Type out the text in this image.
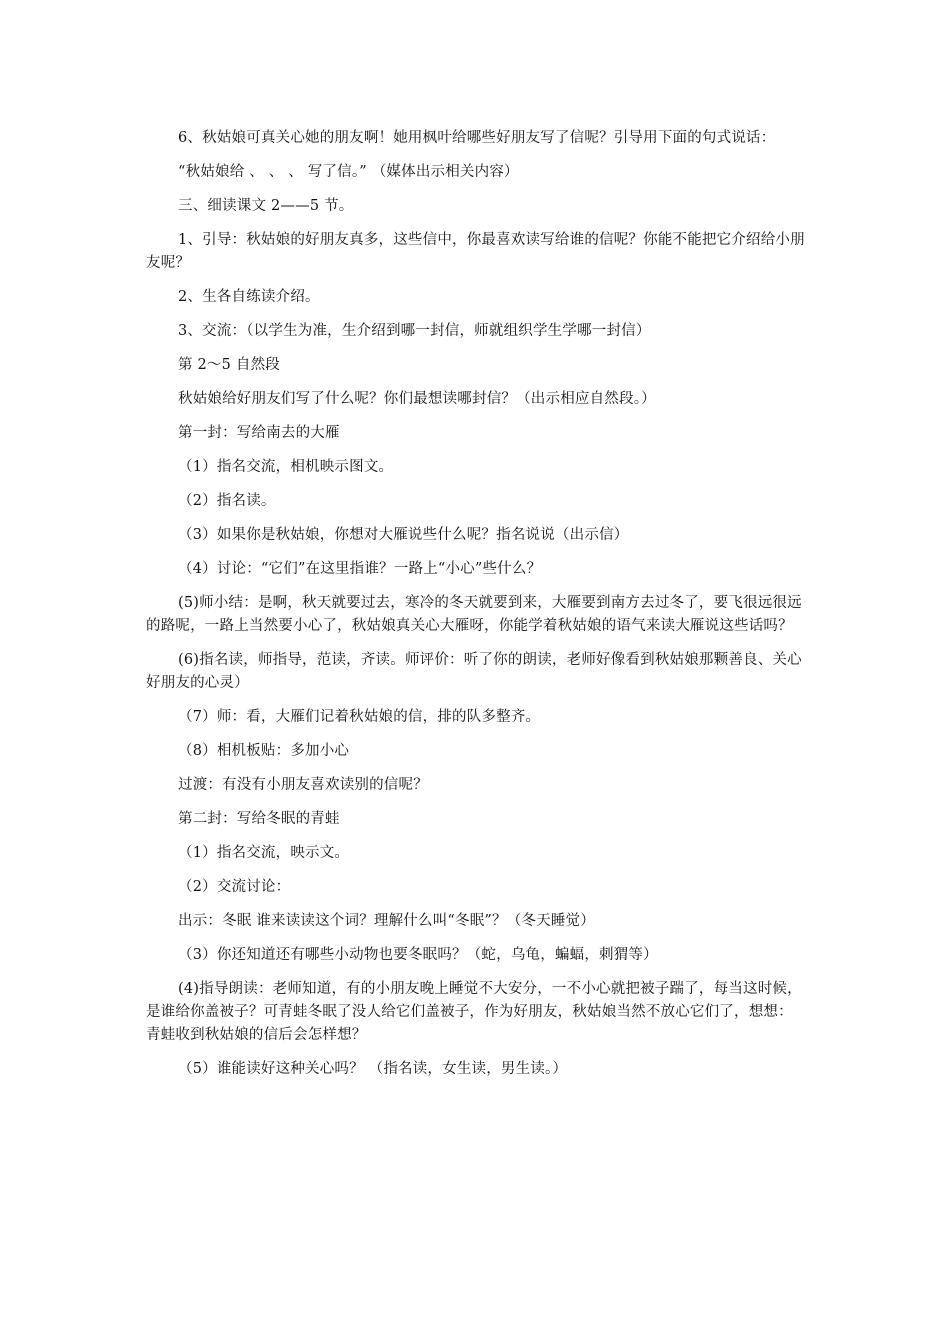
6、秋姑娘可真关心她的朋友啊！她用枫叶给哪些好朋友写了信呢？引导用下面的句式说话：

“秋姑娘给 、 、 、 写了信。” （媒体出示相关内容）

三、细读课文 2——5 节。

1、引导：秋姑娘的好朋友真多，这些信中，你最喜欢读写给谁的信呢？你能不能把它介绍给小朋友呢？

2、生各自练读介绍。

3、交流：（以学生为准，生介绍到哪一封信，师就组织学生学哪一封信）

第 2～5 自然段

秋姑娘给好朋友们写了什么呢？你们最想读哪封信？（出示相应自然段。）

第一封：写给南去的大雁

（1）指名交流，相机映示图文。

（2）指名读。

（3）如果你是秋姑娘，你想对大雁说些什么呢？指名说说（出示信）

（4）讨论：“它们”在这里指谁？一路上“小心”些什么？

(5)师小结：是啊，秋天就要过去，寒冷的冬天就要到来，大雁要到南方去过冬了，要飞很远很远的路呢，一路上当然要小心了，秋姑娘真关心大雁呀，你能学着秋姑娘的语气来读大雁说这些话吗？

(6)指名读，师指导，范读，齐读。师评价：听了你的朗读，老师好像看到秋姑娘那颗善良、关心好朋友的心灵）

（7）师：看，大雁们记着秋姑娘的信，排的队多整齐。

（8）相机板贴：多加小心

过渡：有没有小朋友喜欢读别的信呢？

第二封：写给冬眠的青蛙

（1）指名交流，映示文。

（2）交流讨论：

出示：冬眠 谁来读读这个词？理解什么叫“冬眠”？（冬天睡觉）

（3）你还知道还有哪些小动物也要冬眠吗？（蛇，乌龟，蝙蝠，刺猬等）

(4)指导朗读：老师知道，有的小朋友晚上睡觉不大安分，一不小心就把被子踹了，每当这时候，是谁给你盖被子？可青蛙冬眠了没人给它们盖被子，作为好朋友，秋姑娘当然不放心它们了，想想：青蛙收到秋姑娘的信后会怎样想？

（5）谁能读好这种关心吗？ （指名读，女生读，男生读。）
